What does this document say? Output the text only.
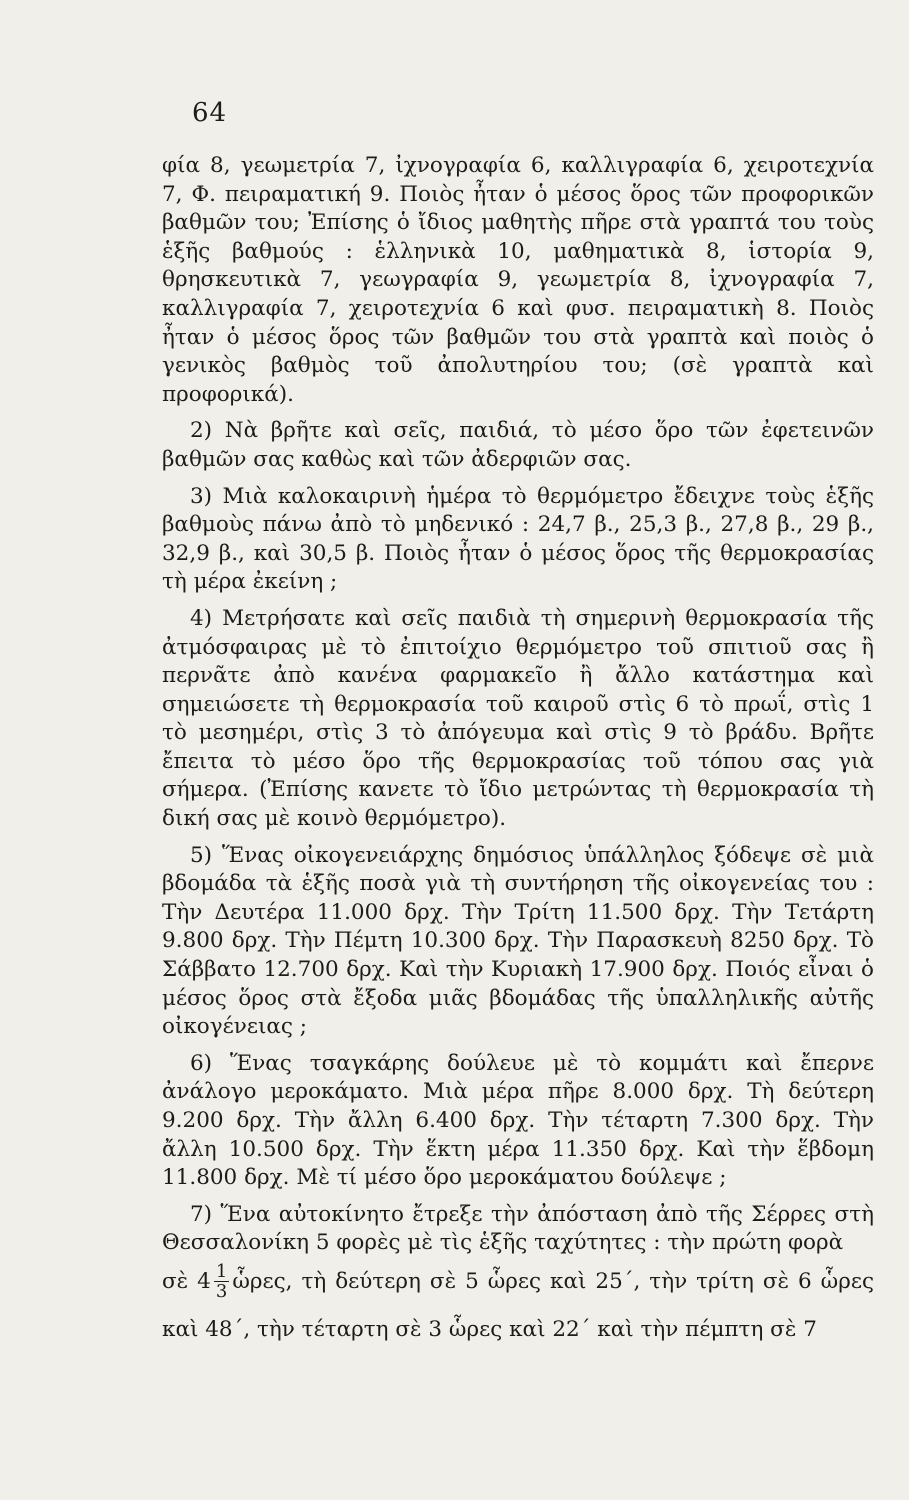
64

φία 8, γεωμετρία 7, ἰχνογραφία 6, καλλιγραφία 6, χειροτεχνία 7, Φ. πειραματική 9. Ποιὸς ἦταν ὁ μέσος ὅρος τῶν προφορικῶν βαθμῶν του; Ἐπίσης ὁ ἴδιος μαθητὴς πῆρε στὰ γραπτά του τοὺς ἑξῆς βαθμούς : ἑλληνικὰ 10, μαθηματικὰ 8, ἱστορία 9, θρησκευτικὰ 7, γεωγραφία 9, γεωμετρία 8, ἰχνογραφία 7, καλλιγραφία 7, χειροτεχνία 6 καὶ φυσ. πειραματικὴ 8. Ποιὸς ἦταν ὁ μέσος ὅρος τῶν βαθμῶν του στὰ γραπτὰ καὶ ποιὸς ὁ γενικὸς βαθμὸς τοῦ ἀπολυτηρίου του; (σὲ γραπτὰ καὶ προφορικά).

2) Νὰ βρῆτε καὶ σεῖς, παιδιά, τὸ μέσο ὅρο τῶν ἐφετεινῶν βαθμῶν σας καθὼς καὶ τῶν ἀδερφιῶν σας.

3) Μιὰ καλοκαιρινὴ ἡμέρα τὸ θερμόμετρο ἔδειχνε τοὺς ἑξῆς βαθμοὺς πάνω ἀπὸ τὸ μηδενικό : 24,7 β., 25,3 β., 27,8 β., 29 β., 32,9 β., καὶ 30,5 β. Ποιὸς ἦταν ὁ μέσος ὅρος τῆς θερμοκρασίας τὴ μέρα ἐκείνη ;

4) Μετρήσατε καὶ σεῖς παιδιὰ τὴ σημερινὴ θερμοκρασία τῆς ἀτμόσφαιρας μὲ τὸ ἐπιτοίχιο θερμόμετρο τοῦ σπιτιοῦ σας ἢ περνᾶτε ἀπὸ κανένα φαρμακεῖο ἢ ἄλλο κατάστημα καὶ σημειώσετε τὴ θερμοκρασία τοῦ καιροῦ στὶς 6 τὸ πρωΐ, στὶς 1 τὸ μεσημέρι, στὶς 3 τὸ ἀπόγευμα καὶ στὶς 9 τὸ βράδυ. Βρῆτε ἔπειτα τὸ μέσο ὅρο τῆς θερμοκρασίας τοῦ τόπου σας γιὰ σήμερα. (Ἐπίσης κανετε τὸ ἴδιο μετρώντας τὴ θερμοκρασία τὴ δική σας μὲ κοινὸ θερμόμετρο).

5) Ἕνας οἰκογενειάρχης δημόσιος ὑπάλληλος ξόδεψε σὲ μιὰ βδομάδα τὰ ἑξῆς ποσὰ γιὰ τὴ συντήρηση τῆς οἰκογενείας του : Τὴν Δευτέρα 11.000 δρχ. Τὴν Τρίτη 11.500 δρχ. Τὴν Τετάρτη 9.800 δρχ. Τὴν Πέμτη 10.300 δρχ. Τὴν Παρασκευὴ 8250 δρχ. Τὸ Σάββατο 12.700 δρχ. Καὶ τὴν Κυριακὴ 17.900 δρχ. Ποιός εἶναι ὁ μέσος ὅρος στὰ ἔξοδα μιᾶς βδομάδας τῆς ὑπαλληλικῆς αὐτῆς οἰκογένειας ;

6) Ἕνας τσαγκάρης δούλευε μὲ τὸ κομμάτι καὶ ἔπερνε ἀνάλογο μεροκάματο. Μιὰ μέρα πῆρε 8.000 δρχ. Τὴ δεύτερη 9.200 δρχ. Τὴν ἄλλη 6.400 δρχ. Τὴν τέταρτη 7.300 δρχ. Τὴν ἄλλη 10.500 δρχ. Τὴν ἕκτη μέρα 11.350 δρχ. Καὶ τὴν ἕβδομη 11.800 δρχ. Μὲ τί μέσο ὅρο μεροκάματου δούλεψε ;

7) Ἕνα αὐτοκίνητο ἔτρεξε τὴν ἀπόσταση ἀπὸ τῆς Σέρρες στὴ Θεσσαλονίκη 5 φορὲς μὲ τὶς ἑξῆς ταχύτητες : τὴν πρώτη φορὰ

σὲ $4 \frac{1}{3}$ ὧρες, τὴ δεύτερη σὲ 5 ὧρες καὶ 25΄, τὴν τρίτη σὲ 6 ὧρες καὶ 48΄, τὴν τέταρτη σὲ 3 ὧρες καὶ 22΄ καὶ τὴν πέμπτη σὲ 7
